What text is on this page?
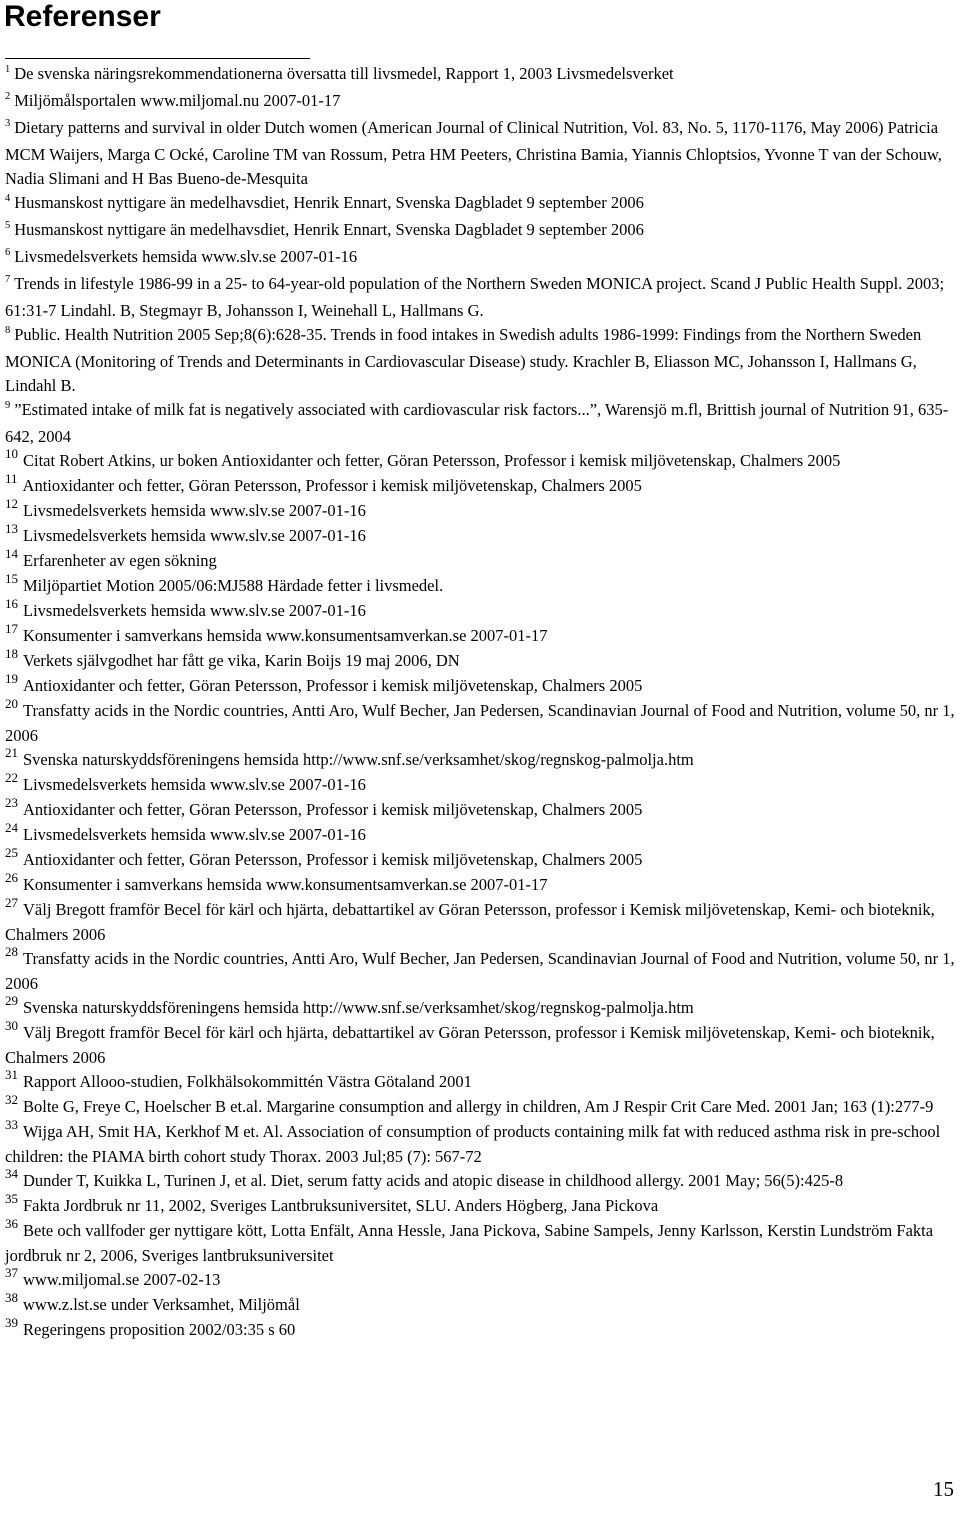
Referenser
$^1$ De svenska näringsrekommendationerna översatta till livsmedel, Rapport 1, 2003 Livsmedelsverket
$^2$ Miljömålsportalen www.miljomal.nu 2007-01-17
$^3$ Dietary patterns and survival in older Dutch women (American Journal of Clinical Nutrition, Vol. 83, No. 5, 1170-1176, May 2006) Patricia MCM Waijers, Marga C Ocké, Caroline TM van Rossum, Petra HM Peeters, Christina Bamia, Yiannis Chloptsios, Yvonne T van der Schouw, Nadia Slimani and H Bas Bueno-de-Mesquita
$^4$ Husmanskost nyttigare än medelhavsdiet, Henrik Ennart, Svenska Dagbladet 9 september 2006
$^5$ Husmanskost nyttigare än medelhavsdiet, Henrik Ennart, Svenska Dagbladet 9 september 2006
$^6$ Livsmedelsverkets hemsida www.slv.se 2007-01-16
$^7$ Trends in lifestyle 1986-99 in a 25- to 64-year-old population of the Northern Sweden MONICA project. Scand J Public Health Suppl. 2003; 61:31-7 Lindahl. B, Stegmayr B, Johansson I, Weinehall L, Hallmans G.
$^8$ Public. Health Nutrition 2005 Sep;8(6):628-35. Trends in food intakes in Swedish adults 1986-1999: Findings from the Northern Sweden MONICA (Monitoring of Trends and Determinants in Cardiovascular Disease) study. Krachler B, Eliasson MC, Johansson I, Hallmans G, Lindahl B.
$^9$ ”Estimated intake of milk fat is negatively associated with cardiovascular risk factors...”, Warensjö m.fl, Brittish journal of Nutrition 91, 635-642, 2004
$^{10}$ Citat Robert Atkins, ur boken Antioxidanter och fetter, Göran Petersson, Professor i kemisk miljövetenskap, Chalmers 2005
$^{11}$ Antioxidanter och fetter, Göran Petersson, Professor i kemisk miljövetenskap, Chalmers 2005
$^{12}$ Livsmedelsverkets hemsida www.slv.se 2007-01-16
$^{13}$ Livsmedelsverkets hemsida www.slv.se 2007-01-16
$^{14}$ Erfarenheter av egen sökning
$^{15}$ Miljöpartiet Motion 2005/06:MJ588 Härdade fetter i livsmedel.
$^{16}$ Livsmedelsverkets hemsida www.slv.se 2007-01-16
$^{17}$ Konsumenter i samverkans hemsida www.konsumentsamverkan.se 2007-01-17
$^{18}$ Verkets självgodhet har fått ge vika, Karin Boijs 19 maj 2006, DN
$^{19}$ Antioxidanter och fetter, Göran Petersson, Professor i kemisk miljövetenskap, Chalmers 2005
$^{20}$ Transfatty acids in the Nordic countries, Antti Aro, Wulf Becher, Jan Pedersen, Scandinavian Journal of Food and Nutrition, volume 50, nr 1, 2006
$^{21}$ Svenska naturskyddsföreningens hemsida http://www.snf.se/verksamhet/skog/regnskog-palmolja.htm
$^{22}$ Livsmedelsverkets hemsida www.slv.se 2007-01-16
$^{23}$ Antioxidanter och fetter, Göran Petersson, Professor i kemisk miljövetenskap, Chalmers 2005
$^{24}$ Livsmedelsverkets hemsida www.slv.se 2007-01-16
$^{25}$ Antioxidanter och fetter, Göran Petersson, Professor i kemisk miljövetenskap, Chalmers 2005
$^{26}$ Konsumenter i samverkans hemsida www.konsumentsamverkan.se 2007-01-17
$^{27}$ Välj Bregott framför Becel för kärl och hjärta, debattartikel av Göran Petersson, professor i Kemisk miljövetenskap, Kemi- och bioteknik, Chalmers 2006
$^{28}$ Transfatty acids in the Nordic countries, Antti Aro, Wulf Becher, Jan Pedersen, Scandinavian Journal of Food and Nutrition, volume 50, nr 1, 2006
$^{29}$ Svenska naturskyddsföreningens hemsida http://www.snf.se/verksamhet/skog/regnskog-palmolja.htm
$^{30}$ Välj Bregott framför Becel för kärl och hjärta, debattartikel av Göran Petersson, professor i Kemisk miljövetenskap, Kemi- och bioteknik, Chalmers 2006
$^{31}$ Rapport Allooo-studien, Folkhälsokommittén Västra Götaland 2001
$^{32}$ Bolte G, Freye C, Hoelscher B et.al. Margarine consumption and allergy in children, Am J Respir Crit Care Med. 2001 Jan; 163 (1):277-9
$^{33}$ Wijga AH, Smit HA, Kerkhof M et. Al. Association of consumption of products containing milk fat with reduced asthma risk in pre-school children: the PIAMA birth cohort study Thorax. 2003 Jul;85 (7): 567-72
$^{34}$ Dunder T, Kuikka L, Turinen J, et al. Diet, serum fatty acids and atopic disease in childhood allergy. 2001 May; 56(5):425-8
$^{35}$ Fakta Jordbruk nr 11, 2002, Sveriges Lantbruksuniversitet, SLU. Anders Högberg, Jana Pickova
$^{36}$ Bete och vallfoder ger nyttigare kött, Lotta Enfält, Anna Hessle, Jana Pickova, Sabine Sampels, Jenny Karlsson, Kerstin Lundström Fakta jordbruk nr 2, 2006, Sveriges lantbruksuniversitet
$^{37}$ www.miljomal.se 2007-02-13
$^{38}$ www.z.lst.se under Verksamhet, Miljömål
$^{39}$ Regeringens proposition 2002/03:35 s 60
15
